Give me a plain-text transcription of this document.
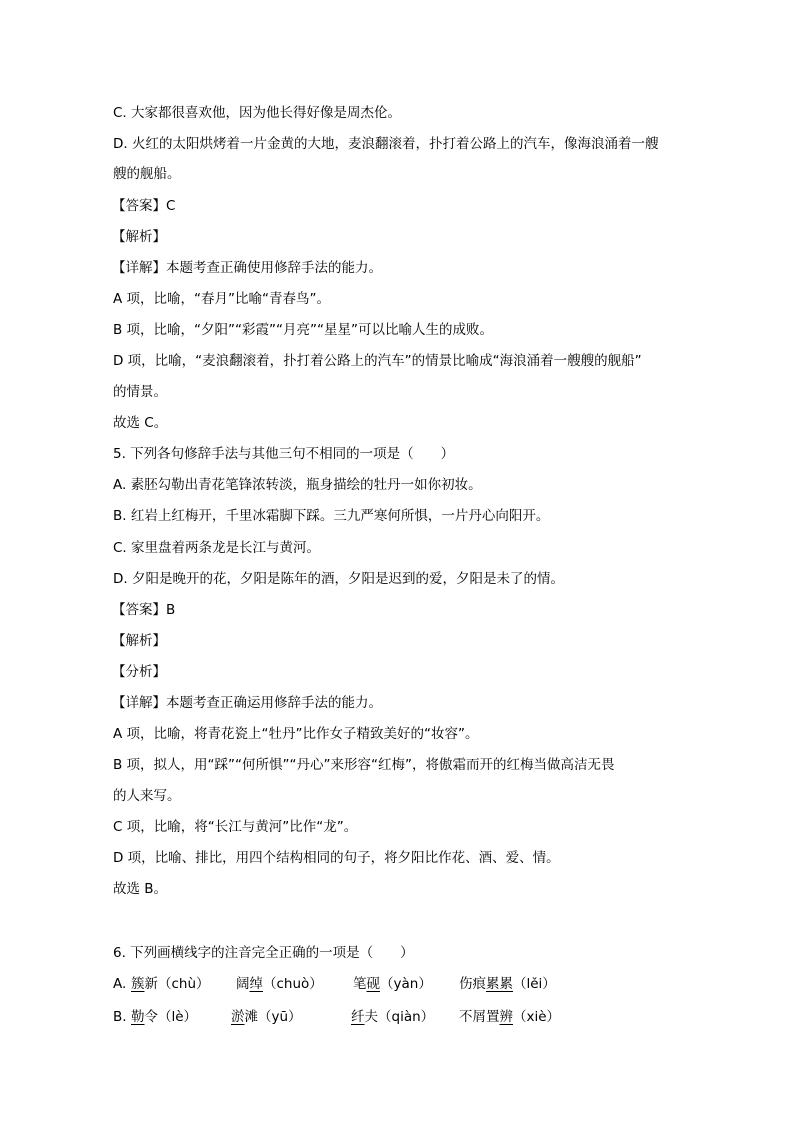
C. 大家都很喜欢他，因为他长得好像是周杰伦。
D. 火红的太阳烘烤着一片金黄的大地，麦浪翻滚着，扑打着公路上的汽车，像海浪涌着一艘
艘的舰船。
【答案】C
【解析】
【详解】本题考查正确使用修辞手法的能力。
A 项，比喻，“春月”比喻“青春鸟”。
B 项，比喻，“夕阳”“彩霞”“月亮”“星星”可以比喻人生的成败。
D 项，比喻，“麦浪翻滚着，扑打着公路上的汽车”的情景比喻成“海浪涌着一艘艘的舰船”
的情景。
故选 C。
5. 下列各句修辞手法与其他三句不相同的一项是（　　）
A. 素胚勾勒出青花笔锋浓转淡，瓶身描绘的牡丹一如你初妆。
B. 红岩上红梅开，千里冰霜脚下踩。三九严寒何所惧，一片丹心向阳开。
C. 家里盘着两条龙是长江与黄河。
D. 夕阳是晚开的花，夕阳是陈年的酒，夕阳是迟到的爱，夕阳是未了的情。
【答案】B
【解析】
【分析】
【详解】本题考查正确运用修辞手法的能力。
A 项，比喻，将青花瓷上“牡丹”比作女子精致美好的“妆容”。
B 项，拟人，用“踩”“何所惧”“丹心”来形容“红梅”，将傲霜而开的红梅当做高洁无畏
的人来写。
C 项，比喻，将“长江与黄河”比作“龙”。
D 项，比喻、排比，用四个结构相同的句子，将夕阳比作花、酒、爱、情。
故选 B。
6. 下列画横线字的注音完全正确的一项是（　　）
A. 簇新（chù） 阔绰（chuò） 笔砚（yàn） 伤痕累累（lěi）
B. 勒令（lè）	淤滩（yū）	纤夫（qiàn） 不屑置辨（xiè）
